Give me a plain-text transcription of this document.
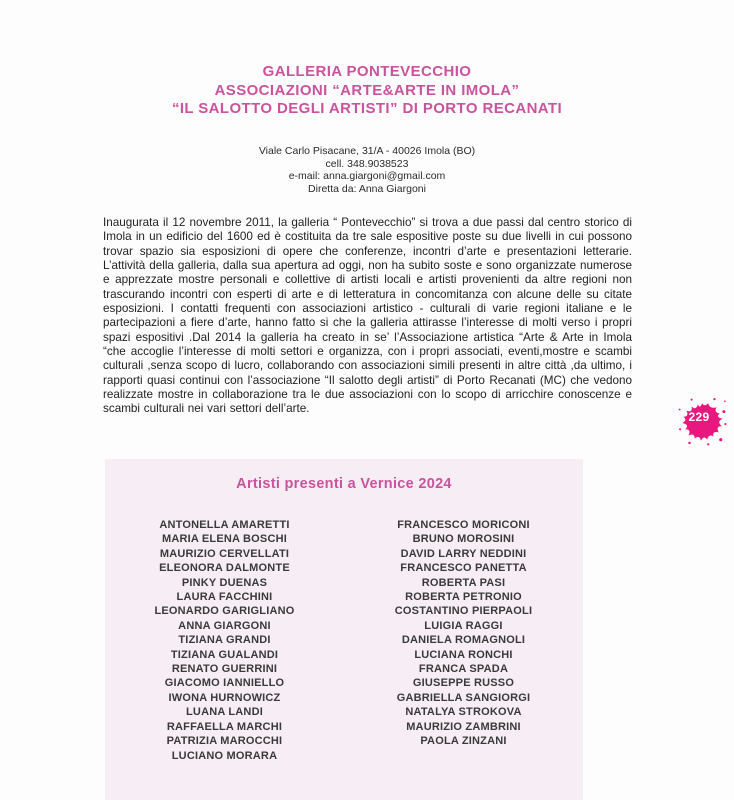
GALLERIA PONTEVECCHIO
ASSOCIAZIONI “ARTE&ARTE IN IMOLA”
“IL SALOTTO DEGLI ARTISTI” DI PORTO RECANATI
Viale Carlo Pisacane, 31/A - 40026 Imola (BO)
cell. 348.9038523
e-mail: anna.giargoni@gmail.com
Diretta da: Anna Giargoni

Inaugurata il 12 novembre 2011, la galleria “ Pontevecchio” si trova a due passi dal centro storico di Imola in un edificio del 1600 ed è costituita da tre sale espositive poste su due livelli in cui possono trovar spazio sia esposizioni di opere che conferenze, incontri d’arte e presentazioni letterarie. L’attività della galleria, dalla sua apertura ad oggi, non ha subito soste e sono organizzate numerose e apprezzate mostre personali e collettive di artisti locali e artisti provenienti da altre regioni non trascurando incontri con esperti di arte e di letteratura in concomitanza con alcune delle su citate esposizioni. I contatti frequenti con associazioni artistico - culturali di varie regioni italiane e le partecipazioni a fiere d’arte, hanno fatto si che la galleria attirasse l’interesse di molti verso i propri spazi espositivi .Dal 2014 la galleria ha creato in se’ l’Associazione artistica “Arte & Arte in Imola “che accoglie l’interesse di molti settori e organizza, con i propri associati, eventi,mostre e scambi culturali ,senza scopo di lucro, collaborando con associazioni simili presenti in altre città ,da ultimo, i rapporti quasi continui con l’associazione “Il salotto degli artisti” di Porto Recanati (MC) che vedono realizzate mostre in collaborazione tra le due associazioni con lo scopo di arricchire conoscenze e scambi culturali nei vari settori dell’arte.

229
Artisti presenti a Vernice 2024
ANTONELLA AMARETTI
MARIA ELENA BOSCHI
MAURIZIO CERVELLATI
ELEONORA DALMONTE
PINKY DUENAS
LAURA FACCHINI
LEONARDO GARIGLIANO
ANNA GIARGONI
TIZIANA GRANDI
TIZIANA GUALANDI
RENATO GUERRINI
GIACOMO IANNIELLO
IWONA HURNOWICZ
LUANA LANDI
RAFFAELLA MARCHI
PATRIZIA MAROCCHI
LUCIANO MORARA
FRANCESCO MORICONI
BRUNO MOROSINI
DAVID LARRY NEDDINI
FRANCESCO PANETTA
ROBERTA PASI
ROBERTA PETRONIO
COSTANTINO PIERPAOLI
LUIGIA RAGGI
DANIELA ROMAGNOLI
LUCIANA RONCHI
FRANCA SPADA
GIUSEPPE RUSSO
GABRIELLA SANGIORGI
NATALYA STROKOVA
MAURIZIO ZAMBRINI
PAOLA ZINZANI
